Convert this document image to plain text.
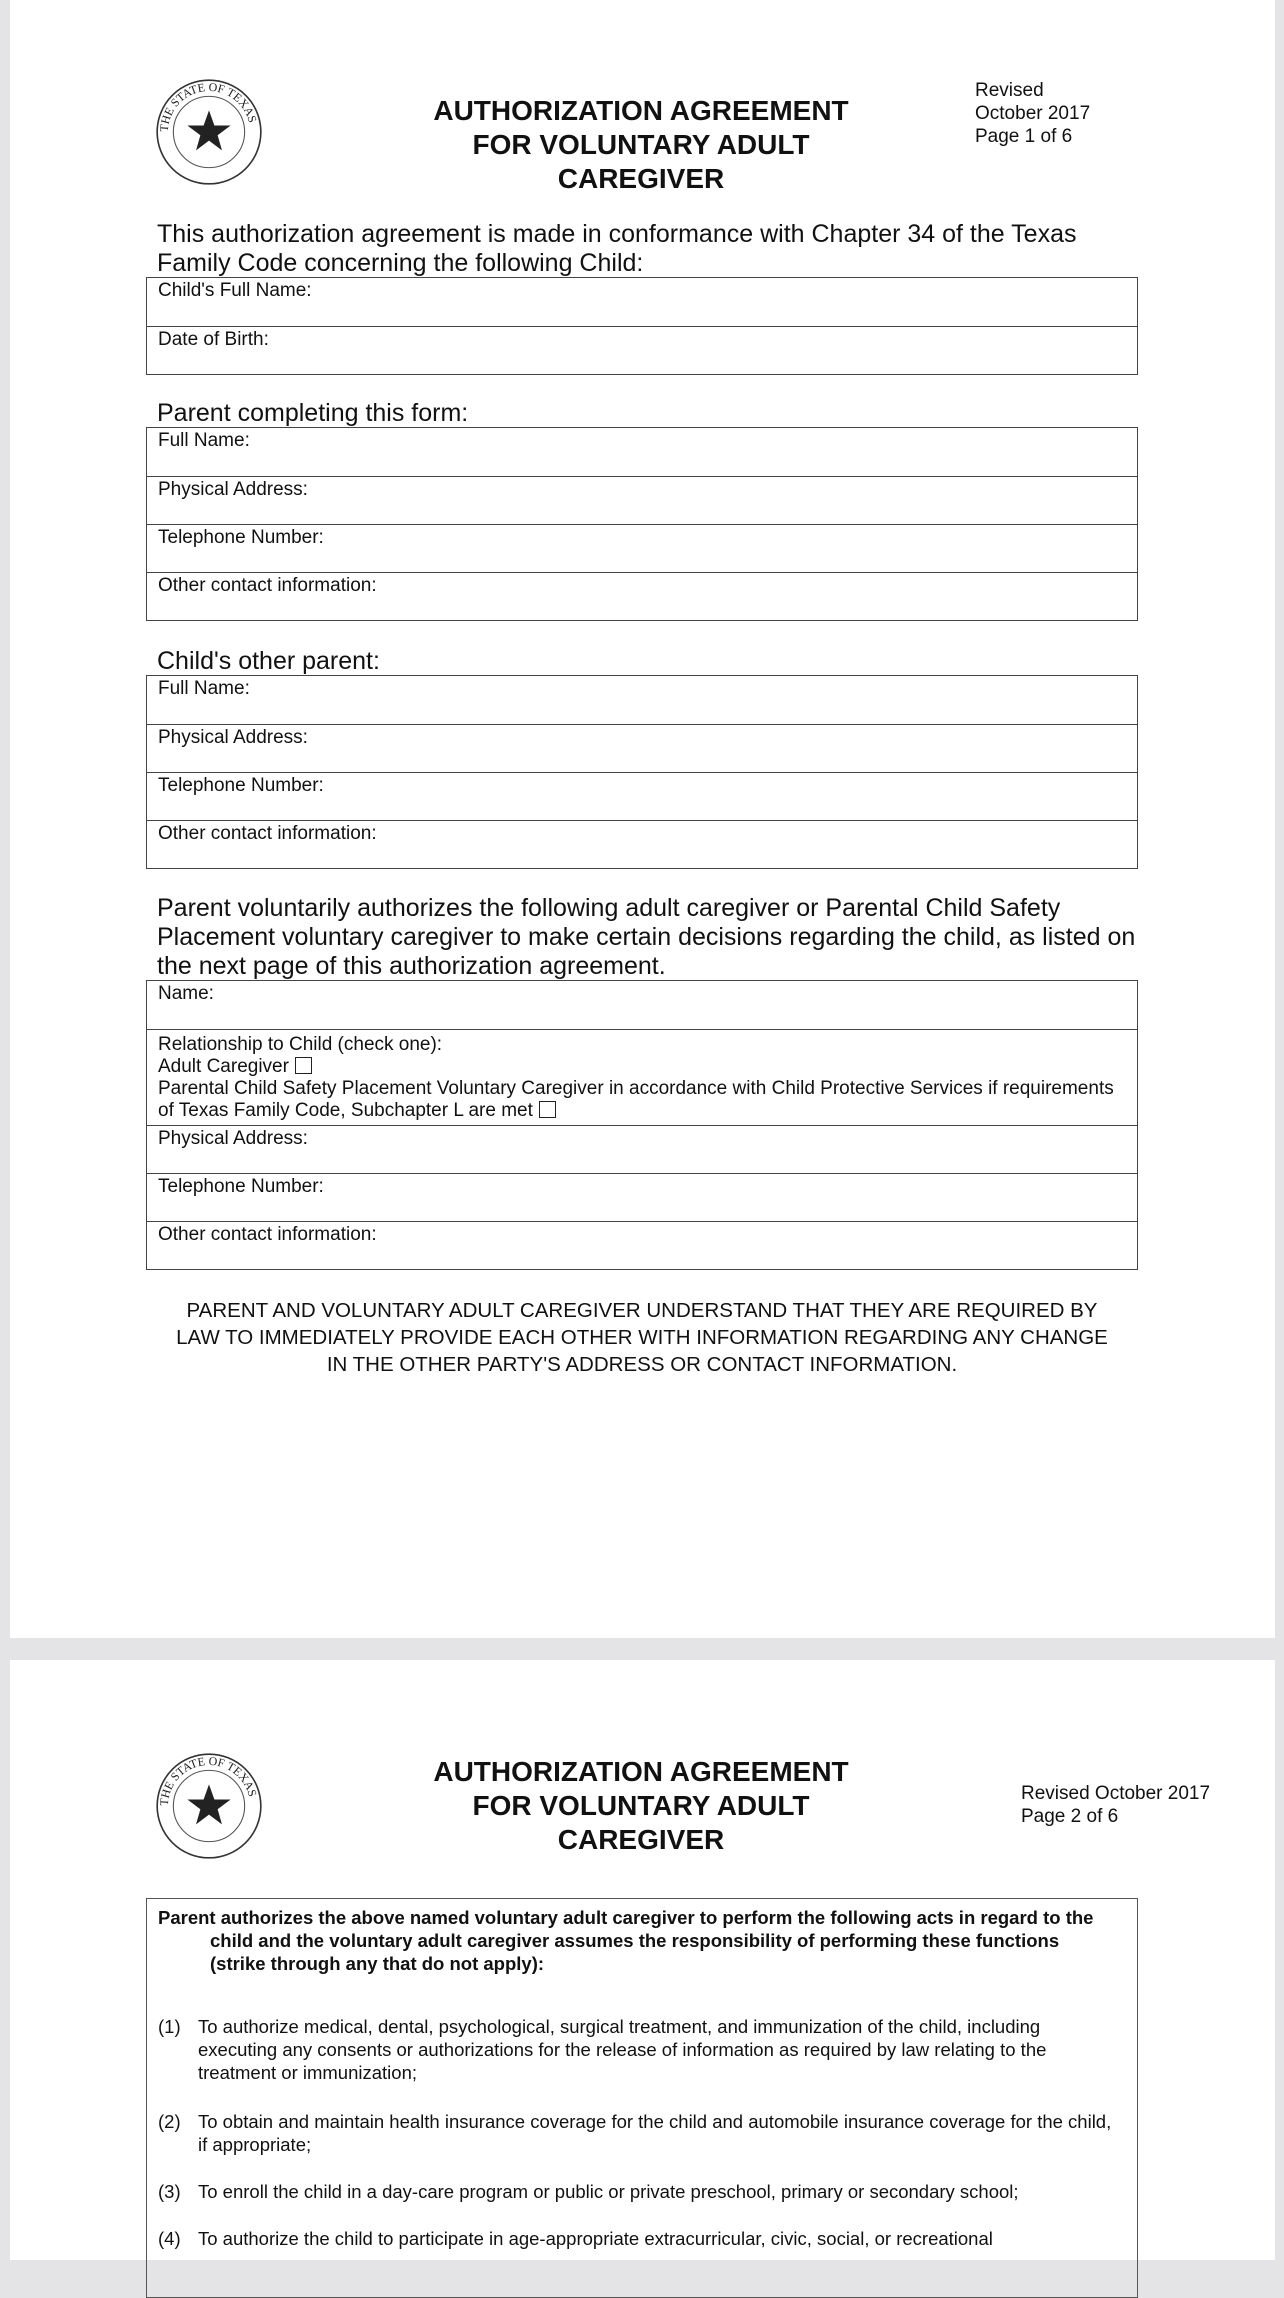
THE STATE OF TEXAS	AUTHORIZATION AGREEMENT
FOR VOLUNTARY ADULT
CAREGIVER
Revised
October 2017
Page 1 of 6
This authorization agreement is made in conformance with Chapter 34 of the Texas Family Code concerning the following Child:
Child's Full Name:
Date of Birth:
Parent completing this form:
Full Name:
Physical Address:
Telephone Number:
Other contact information:
Child's other parent:
Full Name:
Physical Address:
Telephone Number:
Other contact information:
Parent voluntarily authorizes the following adult caregiver or Parental Child Safety Placement voluntary caregiver to make certain decisions regarding the child, as listed on the next page of this authorization agreement.
Name:
Relationship to Child (check one):
Adult Caregiver
Parental Child Safety Placement Voluntary Caregiver in accordance with Child Protective Services if requirements of Texas Family Code, Subchapter L are met
Physical Address:
Telephone Number:
Other contact information:
PARENT AND VOLUNTARY ADULT CAREGIVER UNDERSTAND THAT THEY ARE REQUIRED BY LAW TO IMMEDIATELY PROVIDE EACH OTHER WITH INFORMATION REGARDING ANY CHANGE IN THE OTHER PARTY'S ADDRESS OR CONTACT INFORMATION.
THE STATE OF TEXAS
AUTHORIZATION AGREEMENT
FOR VOLUNTARY ADULT
CAREGIVER
Revised October 2017
Page 2 of 6
Parent authorizes the above named voluntary adult caregiver to perform the following acts in regard to the child and the voluntary adult caregiver assumes the responsibility of performing these functions (strike through any that do not apply):
(1) To authorize medical, dental, psychological, surgical treatment, and immunization of the child, including executing any consents or authorizations for the release of information as required by law relating to the treatment or immunization;
(2) To obtain and maintain health insurance coverage for the child and automobile insurance coverage for the child, if appropriate;
(3) To enroll the child in a day-care program or public or private preschool, primary or secondary school;
(4) To authorize the child to participate in age-appropriate extracurricular, civic, social, or recreational
